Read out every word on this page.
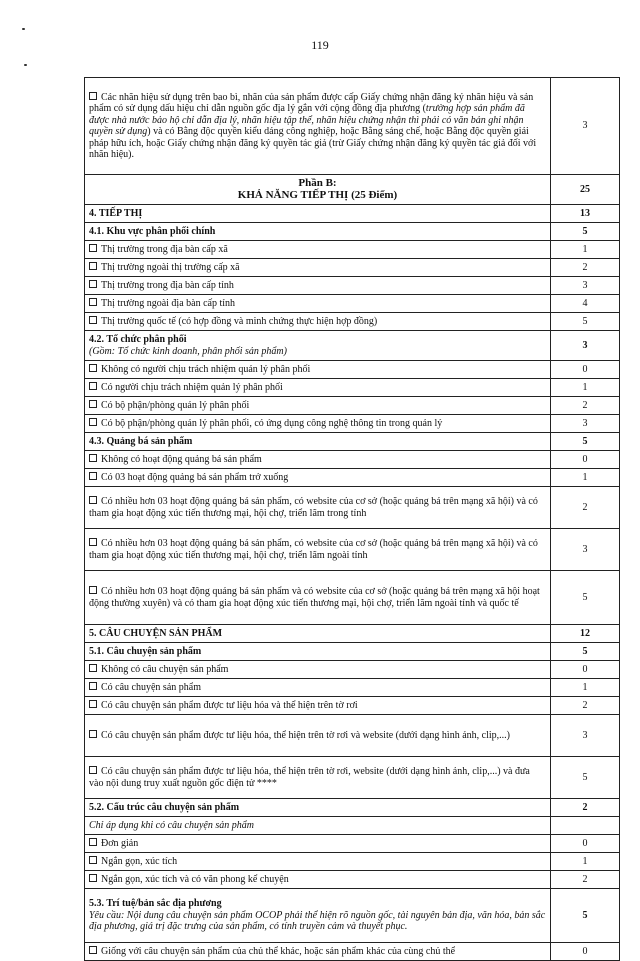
119
Các nhãn hiệu sử dụng trên bao bì, nhãn của sản phẩm được cấp Giấy chứng nhận đăng ký nhãn hiệu và sản phẩm có sử dụng dấu hiệu chỉ dẫn nguồn gốc địa lý gắn với cộng đồng địa phương (trường hợp sản phẩm đã được nhà nước bảo hộ chỉ dẫn địa lý, nhãn hiệu tập thể, nhãn hiệu chứng nhận thì phải có văn bản ghi nhận quyền sử dụng) và có Bằng độc quyền kiểu dáng công nghiệp, hoặc Bằng sáng chế, hoặc Bằng độc quyền giải pháp hữu ích, hoặc Giấy chứng nhận đăng ký quyền tác giả (trừ Giấy chứng nhận đăng ký quyền tác giả đối với nhãn hiệu).	3

Phần B:
KHẢ NĂNG TIẾP THỊ (25 Điểm)	25
4. TIẾP THỊ	13
4.1. Khu vực phân phối chính	5
Thị trường trong địa bàn cấp xã	1
Thị trường ngoài thị trường cấp xã	2
Thị trường trong địa bàn cấp tỉnh	3
Thị trường ngoài địa bàn cấp tỉnh	4
Thị trường quốc tế (có hợp đồng và minh chứng thực hiện hợp đồng)	5
4.2. Tổ chức phân phối
(Gồm: Tổ chức kinh doanh, phân phối sản phẩm)	3
Không có người chịu trách nhiệm quản lý phân phối	0
Có người chịu trách nhiệm quản lý phân phối	1
Có bộ phận/phòng quản lý phân phối	2
Có bộ phận/phòng quản lý phân phối, có ứng dụng công nghệ thông tin trong quản lý	3
4.3. Quảng bá sản phẩm	5
Không có hoạt động quảng bá sản phẩm	0
Có 03 hoạt động quảng bá sản phẩm trở xuống	1
Có nhiều hơn 03 hoạt động quảng bá sản phẩm, có website của cơ sở (hoặc quảng bá trên mạng xã hội) và có tham gia hoạt động xúc tiến thương mại, hội chợ, triển lãm trong tỉnh	2
Có nhiều hơn 03 hoạt động quảng bá sản phẩm, có website của cơ sở (hoặc quảng bá trên mạng xã hội) và có tham gia hoạt động xúc tiến thương mại, hội chợ, triển lãm ngoài tỉnh	3
Có nhiều hơn 03 hoạt động quảng bá sản phẩm và có website của cơ sở (hoặc quảng bá trên mạng xã hội hoạt động thường xuyên) và có tham gia hoạt động xúc tiến thương mại, hội chợ, triển lãm ngoài tỉnh và quốc tế	5
5. CÂU CHUYỆN SẢN PHẨM	12
5.1. Câu chuyện sản phẩm	5
Không có câu chuyện sản phẩm	0
Có câu chuyện sản phẩm	1
Có câu chuyện sản phẩm được tư liệu hóa và thể hiện trên tờ rơi	2
Có câu chuyện sản phẩm được tư liệu hóa, thể hiện trên tờ rơi và website (dưới dạng hình ảnh, clip,...)	3
Có câu chuyện sản phẩm được tư liệu hóa, thể hiện trên tờ rơi, website (dưới dạng hình ảnh, clip,...) và đưa vào nội dung truy xuất nguồn gốc điện tử ****	5
5.2. Cấu trúc câu chuyện sản phẩm	2
Chỉ áp dụng khi có câu chuyện sản phẩm	
Đơn giản	0
Ngắn gọn, xúc tích	1
Ngắn gọn, xúc tích và có văn phong kể chuyện	2
5.3. Trí tuệ/bản sắc địa phương
Yêu cầu: Nội dung câu chuyện sản phẩm OCOP phải thể hiện rõ nguồn gốc, tài nguyên bản địa, văn hóa, bản sắc địa phương, giá trị đặc trưng của sản phẩm, có tính truyền cảm và thuyết phục.	5
Giống với câu chuyện sản phẩm của chủ thể khác, hoặc sản phẩm khác của cùng chủ thể	0
